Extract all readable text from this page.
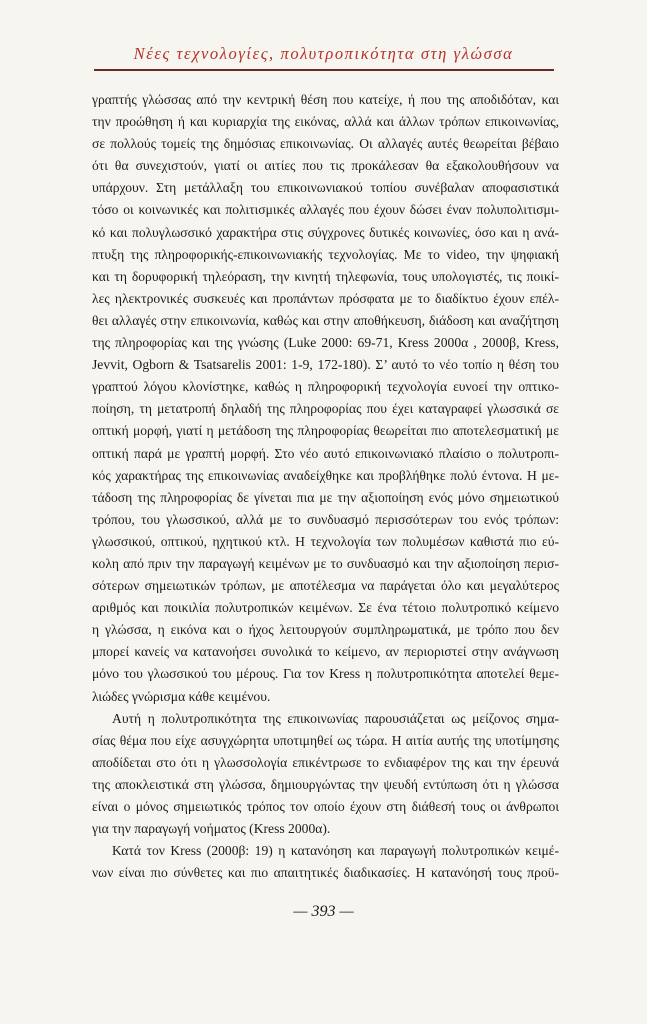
Νέες τεχνολογίες, πολυτροπικότητα στη γλώσσα
γραπτής γλώσσας από την κεντρική θέση που κατείχε, ή που της αποδιδόταν, και
την προώθηση ή και κυριαρχία της εικόνας, αλλά και άλλων τρόπων επικοινωνίας,
σε πολλούς τομείς της δημόσιας επικοινωνίας. Οι αλλαγές αυτές θεωρείται βέβαιο
ότι θα συνεχιστούν, γιατί οι αιτίες που τις προκάλεσαν θα εξακολουθήσουν να
υπάρχουν. Στη μετάλλαξη του επικοινωνιακού τοπίου συνέβαλαν αποφασιστικά
τόσο οι κοινωνικές και πολιτισμικές αλλαγές που έχουν δώσει έναν πολυπολιτισμι-
κό και πολυγλωσσικό χαρακτήρα στις σύγχρονες δυτικές κοινωνίες, όσο και η ανά-
πτυξη της πληροφορικής-επικοινωνιακής τεχνολογίας. Με το video, την ψηφιακή
και τη δορυφορική τηλεόραση, την κινητή τηλεφωνία, τους υπολογιστές, τις ποικί-
λες ηλεκτρονικές συσκευές και προπάντων πρόσφατα με το διαδίκτυο έχουν επέλ-
θει αλλαγές στην επικοινωνία, καθώς και στην αποθήκευση, διάδοση και αναζήτηση
της πληροφορίας και της γνώσης (Luke 2000: 69-71, Kress 2000α , 2000β, Kress,
Jevvit, Ogborn & Tsatsarelis 2001: 1-9, 172-180). Σ’ αυτό το νέο τοπίο η θέση του
γραπτού λόγου κλονίστηκε, καθώς η πληροφορική τεχνολογία ευνοεί την οπτικο-
ποίηση, τη μετατροπή δηλαδή της πληροφορίας που έχει καταγραφεί γλωσσικά σε
οπτική μορφή, γιατί η μετάδοση της πληροφορίας θεωρείται πιο αποτελεσματική με
οπτική παρά με γραπτή μορφή. Στο νέο αυτό επικοινωνιακό πλαίσιο ο πολυτροπι-
κός χαρακτήρας της επικοινωνίας αναδείχθηκε και προβλήθηκε πολύ έντονα. Η με-
τάδοση της πληροφορίας δε γίνεται πια με την αξιοποίηση ενός μόνο σημειωτικού
τρόπου, του γλωσσικού, αλλά με το συνδυασμό περισσότερων του ενός τρόπων:
γλωσσικού, οπτικού, ηχητικού κτλ. Η τεχνολογία των πολυμέσων καθιστά πιο εύ-
κολη από πριν την παραγωγή κειμένων με το συνδυασμό και την αξιοποίηση περισ-
σότερων σημειωτικών τρόπων, με αποτέλεσμα να παράγεται όλο και μεγαλύτερος
αριθμός και ποικιλία πολυτροπικών κειμένων. Σε ένα τέτοιο πολυτροπικό κείμενο
η γλώσσα, η εικόνα και ο ήχος λειτουργούν συμπληρωματικά, με τρόπο που δεν
μπορεί κανείς να κατανοήσει συνολικά το κείμενο, αν περιοριστεί στην ανάγνωση
μόνο του γλωσσικού του μέρους. Για τον Kress η πολυτροπικότητα αποτελεί θεμε-
λιώδες γνώρισμα κάθε κειμένου.
Αυτή η πολυτροπικότητα της επικοινωνίας παρουσιάζεται ως μείζονος σημα-
σίας θέμα που είχε ασυγχώρητα υποτιμηθεί ως τώρα. Η αιτία αυτής της υποτίμησης
αποδίδεται στο ότι η γλωσσολογία επικέντρωσε το ενδιαφέρον της και την έρευνά
της αποκλειστικά στη γλώσσα, δημιουργώντας την ψευδή εντύπωση ότι η γλώσσα
είναι ο μόνος σημειωτικός τρόπος τον οποίο έχουν στη διάθεσή τους οι άνθρωποι
για την παραγωγή νοήματος (Kress 2000α).
Κατά τον Kress (2000β: 19) η κατανόηση και παραγωγή πολυτροπικών κειμέ-
νων είναι πιο σύνθετες και πιο απαιτητικές διαδικασίες. Η κατανόησή τους προϋ-
— 393 —
